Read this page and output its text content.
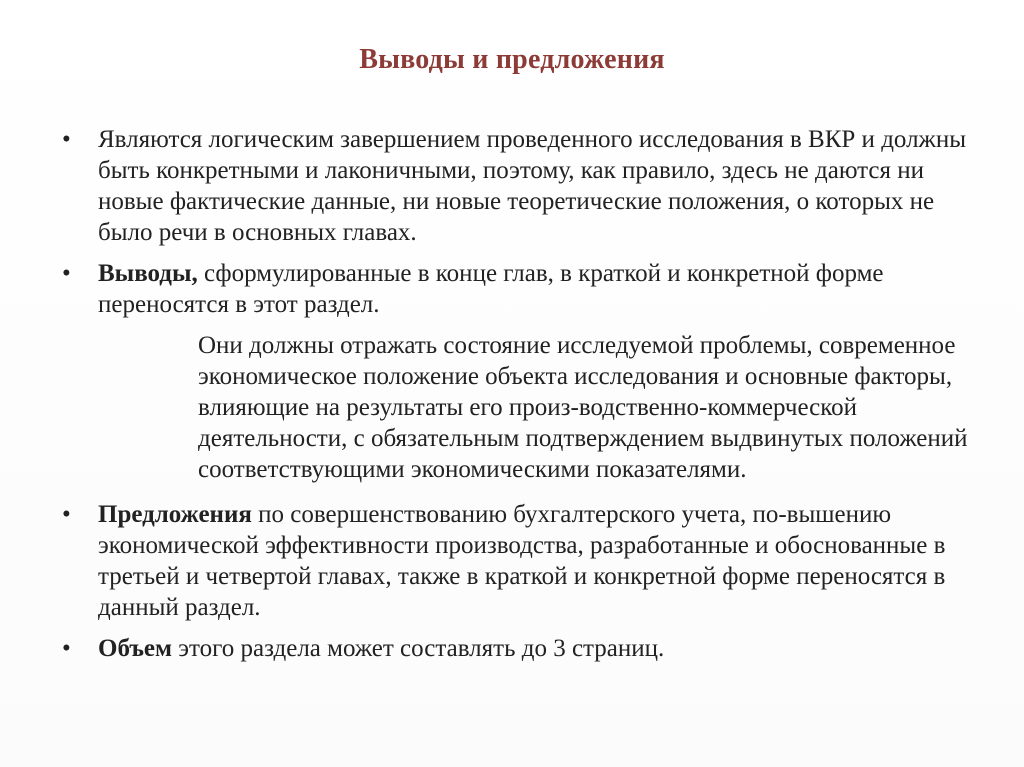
Выводы и предложения
•	Являются логическим завершением проведенного исследования в ВКР и должны быть конкретными и лаконичными, поэтому, как правило, здесь не даются ни новые фактические данные, ни новые теоретические положения, о которых не было речи в основных главах.
•	Выводы, сформулированные в конце глав, в краткой и конкретной форме переносятся в этот раздел.
Они должны отражать состояние исследуемой проблемы, современное экономическое положение объекта исследования и основные факторы, влияющие на результаты его произ-водственно-коммерческой деятельности, с обязательным подтверждением выдвинутых положений соответствующими экономическими показателями.
•	Предложения по совершенствованию бухгалтерского учета, по-вышению экономической эффективности производства, разработанные и обоснованные в третьей и четвертой главах, также в краткой и конкретной форме переносятся в данный раздел.
•	Объем этого раздела может составлять до 3 страниц.
